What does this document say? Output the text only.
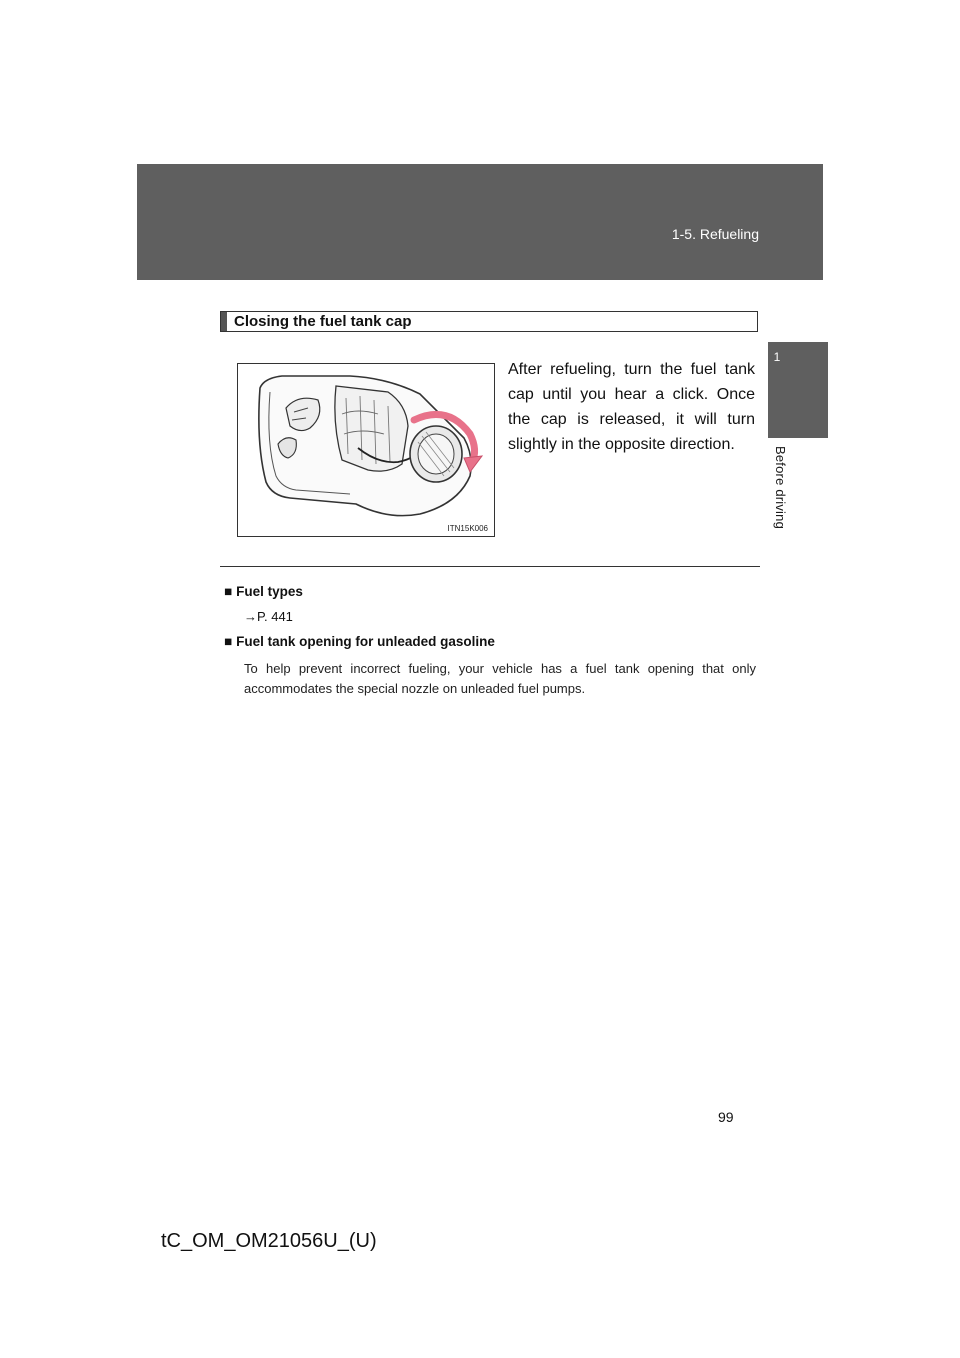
1-5. Refueling
1
Before driving
Closing the fuel tank cap
ITN15K006
After refueling, turn the fuel tank cap until you hear a click. Once the cap is released, it will turn slightly in the opposite direction.
■ Fuel types
→P. 441
■ Fuel tank opening for unleaded gasoline
To help prevent incorrect fueling, your vehicle has a fuel tank opening that only accommodates the special nozzle on unleaded fuel pumps.
99
tC_OM_OM21056U_(U)
